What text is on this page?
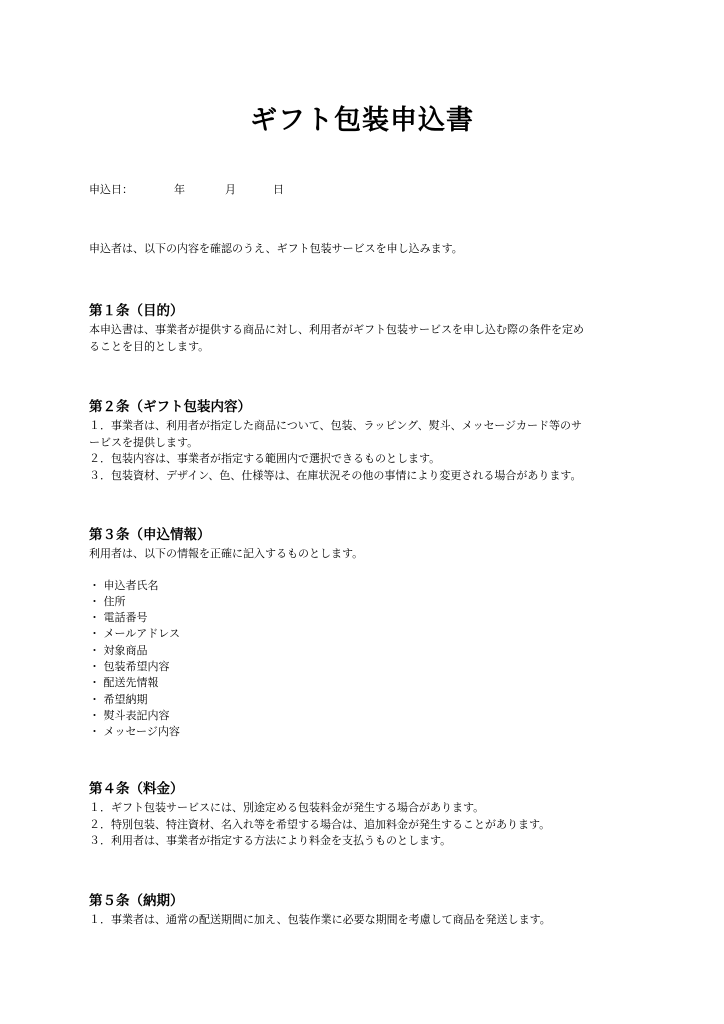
ギフト包装申込書
申込日：	年	月	日
申込者は、以下の内容を確認のうえ、ギフト包装サービスを申し込みます。
第１条（目的）
本申込書は、事業者が提供する商品に対し、利用者がギフト包装サービスを申し込む際の条件を定め
ることを目的とします。
第２条（ギフト包装内容）
１．事業者は、利用者が指定した商品について、包装、ラッピング、熨斗、メッセージカード等のサ
ービスを提供します。
２．包装内容は、事業者が指定する範囲内で選択できるものとします。
３．包装資材、デザイン、色、仕様等は、在庫状況その他の事情により変更される場合があります。
第３条（申込情報）
利用者は、以下の情報を正確に記入するものとします。
・ 申込者氏名
・ 住所
・ 電話番号
・ メールアドレス
・ 対象商品
・ 包装希望内容
・ 配送先情報
・ 希望納期
・ 熨斗表記内容
・ メッセージ内容
第４条（料金）
１．ギフト包装サービスには、別途定める包装料金が発生する場合があります。
２．特別包装、特注資材、名入れ等を希望する場合は、追加料金が発生することがあります。
３．利用者は、事業者が指定する方法により料金を支払うものとします。
第５条（納期）
１．事業者は、通常の配送期間に加え、包装作業に必要な期間を考慮して商品を発送します。
